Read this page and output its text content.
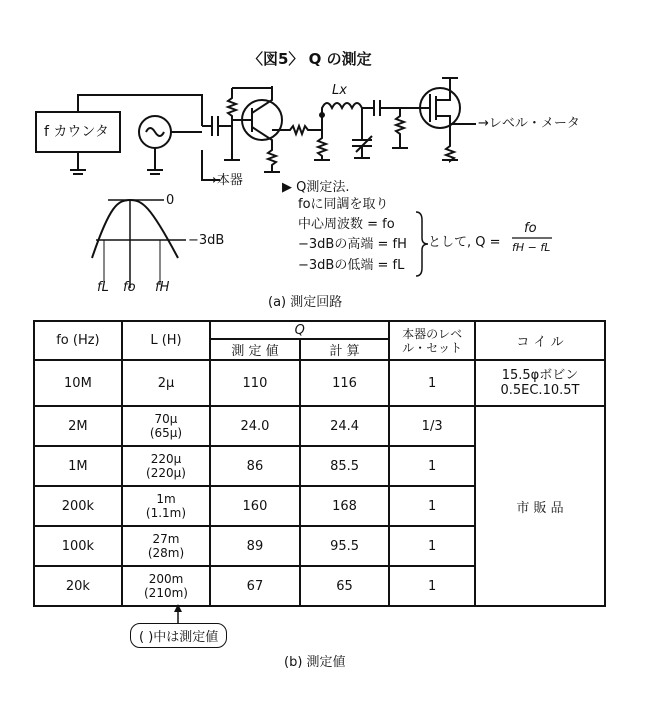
〈図5〉 Q の測定
f カウンタ
Lx
→レベル・メータ
→本器
0
−3dB
fL fo fH
▶ Q測定法.
foに同調を取り
中心周波数 = fo
−3dBの高端 = fH
−3dBの低端 = fL
として, Q =
fo
fH − fL
(a) 測定回路
fo (Hz)	L (H)	Q		本器のレベル・セット	コ イ ル
		測 定 値	計 算		
10M	2μ	110	116	1	15.5φボビン
0.5EC.10.5T

2M	70μ
(65μ)	24.0	24.4	1/3	市 販 品
1M	220μ
(220μ)	86	85.5	1	
200k	1m
(1.1m)	160	168	1	
100k	27m
(28m)	89	95.5	1	
20k	200m
(210m)	67	65	1	
( )中は測定値
(b) 測定値
